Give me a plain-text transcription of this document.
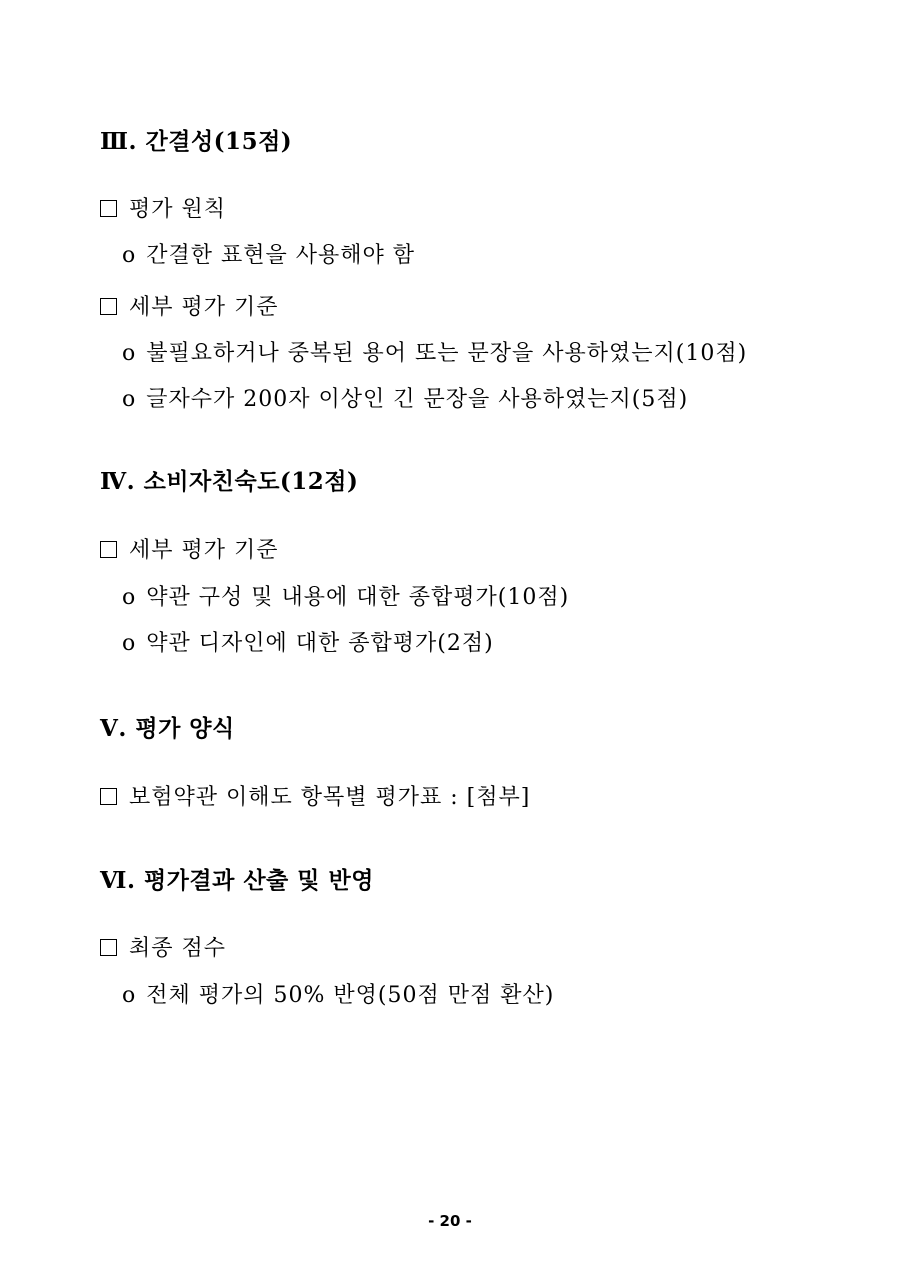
Ⅲ. 간결성(15점)
평가 원칙
o 간결한 표현을 사용해야 함
세부 평가 기준
o 불필요하거나 중복된 용어 또는 문장을 사용하였는지(10점)
o 글자수가 200자 이상인 긴 문장을 사용하였는지(5점)
Ⅳ. 소비자친숙도(12점)
세부 평가 기준
o 약관 구성 및 내용에 대한 종합평가(10점)
o 약관 디자인에 대한 종합평가(2점)
Ⅴ. 평가 양식
보험약관 이해도 항목별 평가표 : [첨부]
Ⅵ. 평가결과 산출 및 반영
최종 점수
o 전체 평가의 50% 반영(50점 만점 환산)
- 20 -
